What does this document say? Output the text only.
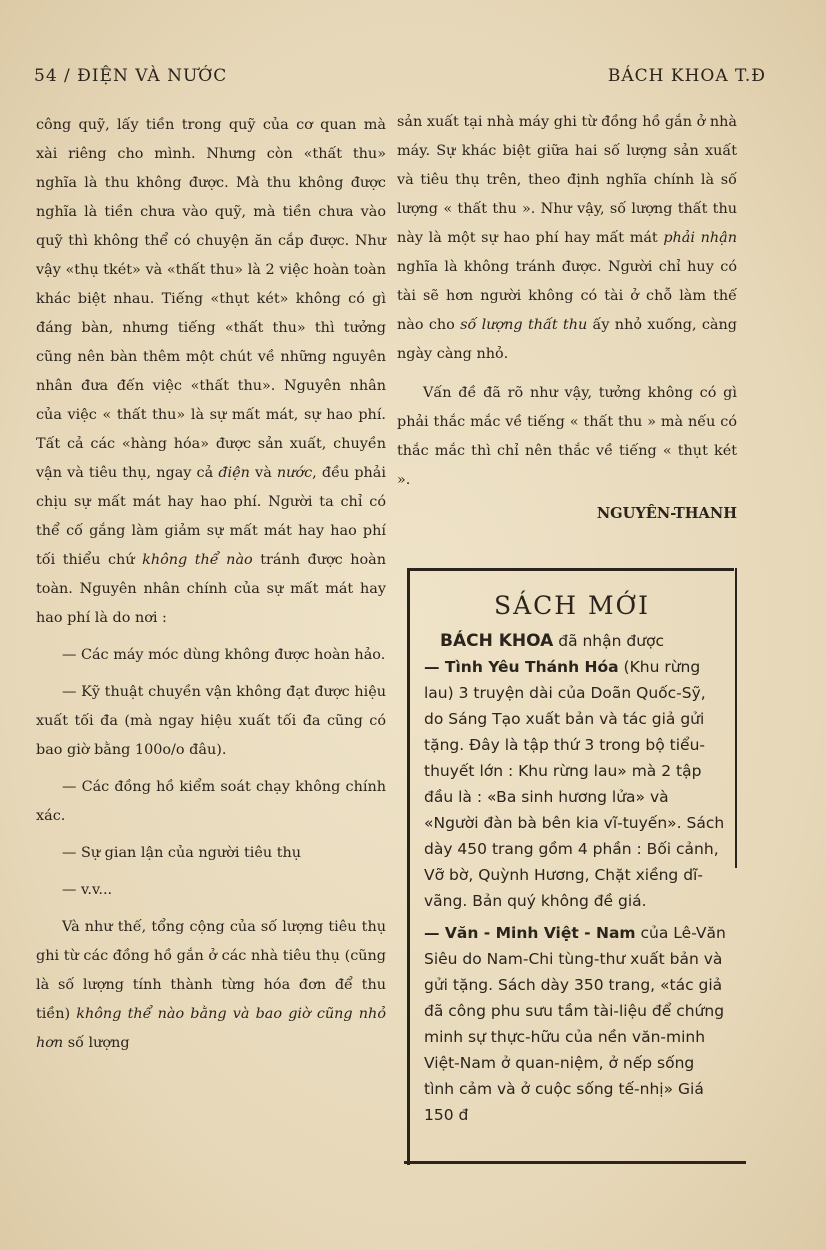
54 / ĐIỆN VÀ NƯỚC	BÁCH KHOA T.Đ

công quỹ, lấy tiền trong quỹ của cơ quan mà xài riêng cho mình. Nhưng còn «thất thu» nghĩa là thu không được. Mà thu không được nghĩa là tiền chưa vào quỹ, mà tiền chưa vào quỹ thì không thể có chuyện ăn cắp được. Như vậy «thụ tkét» và «thất thu» là 2 việc hoàn toàn khác biệt nhau. Tiếng «thụt két» không có gì đáng bàn, nhưng tiếng «thất thu» thì tưởng cũng nên bàn thêm một chút về những nguyên nhân đưa đến việc «thất thu». Nguyên nhân của việc « thất thu» là sự mất mát, sự hao phí. Tất cả các «hàng hóa» được sản xuất, chuyền vận và tiêu thụ, ngay cả điện và nước, đều phải chịu sự mất mát hay hao phí. Người ta chỉ có thể cố gắng làm giảm sự mất mát hay hao phí tối thiểu chứ không thể nào tránh được hoàn toàn. Nguyên nhân chính của sự mất mát hay hao phí là do nơi :

— Các máy móc dùng không được hoàn hảo.

— Kỹ thuật chuyền vận không đạt được hiệu xuất tối đa (mà ngay hiệu xuất tối đa cũng có bao giờ bằng 100o/o đâu).

— Các đồng hồ kiểm soát chạy không chính xác.

— Sự gian lận của người tiêu thụ

— v.v...

Và như thế, tổng cộng của số lượng tiêu thụ ghi từ các đồng hồ gắn ở các nhà tiêu thụ (cũng là số lượng tính thành từng hóa đơn để thu tiền) không thể nào bằng và bao giờ cũng nhỏ hơn số lượng

sản xuất tại nhà máy ghi từ đồng hồ gắn ở nhà máy. Sự khác biệt giữa hai số lượng sản xuất và tiêu thụ trên, theo định nghĩa chính là số lượng « thất thu ». Như vậy, số lượng thất thu này là một sự hao phí hay mất mát phải nhận nghĩa là không tránh được. Người chỉ huy có tài sẽ hơn người không có tài ở chỗ làm thế nào cho số lượng thất thu ấy nhỏ xuống, càng ngày càng nhỏ.

Vấn đề đã rõ như vậy, tưởng không có gì phải thắc mắc về tiếng « thất thu » mà nếu có thắc mắc thì chỉ nên thắc về tiếng « thụt két ».

NGUYÊN-THANH
SÁCH MỚI

BÁCH KHOA đã nhận được

— Tình Yêu Thánh Hóa (Khu rừng lau) 3 truyện dài của Doãn Quốc-Sỹ, do Sáng Tạo xuất bản và tác giả gửi tặng. Đây là tập thứ 3 trong bộ tiểu-thuyết lớn : Khu rừng lau» mà 2 tập đầu là : «Ba sinh hương lửa» và «Người đàn bà bên kia vĩ-tuyến». Sách dày 450 trang gồm 4 phần : Bối cảnh, Vỡ bờ, Quỳnh Hương, Chặt xiềng dĩ-vãng. Bản quý không đề giá.

— Văn - Minh Việt - Nam của Lê-Văn Siêu do Nam-Chi tùng-thư xuất bản và gửi tặng. Sách dày 350 trang, «tác giả đã công phu sưu tầm tài-liệu để chứng minh sự thực-hữu của nền văn-minh Việt-Nam ở quan-niệm, ở nếp sống tình cảm và ở cuộc sống tế-nhị» Giá 150 đ
